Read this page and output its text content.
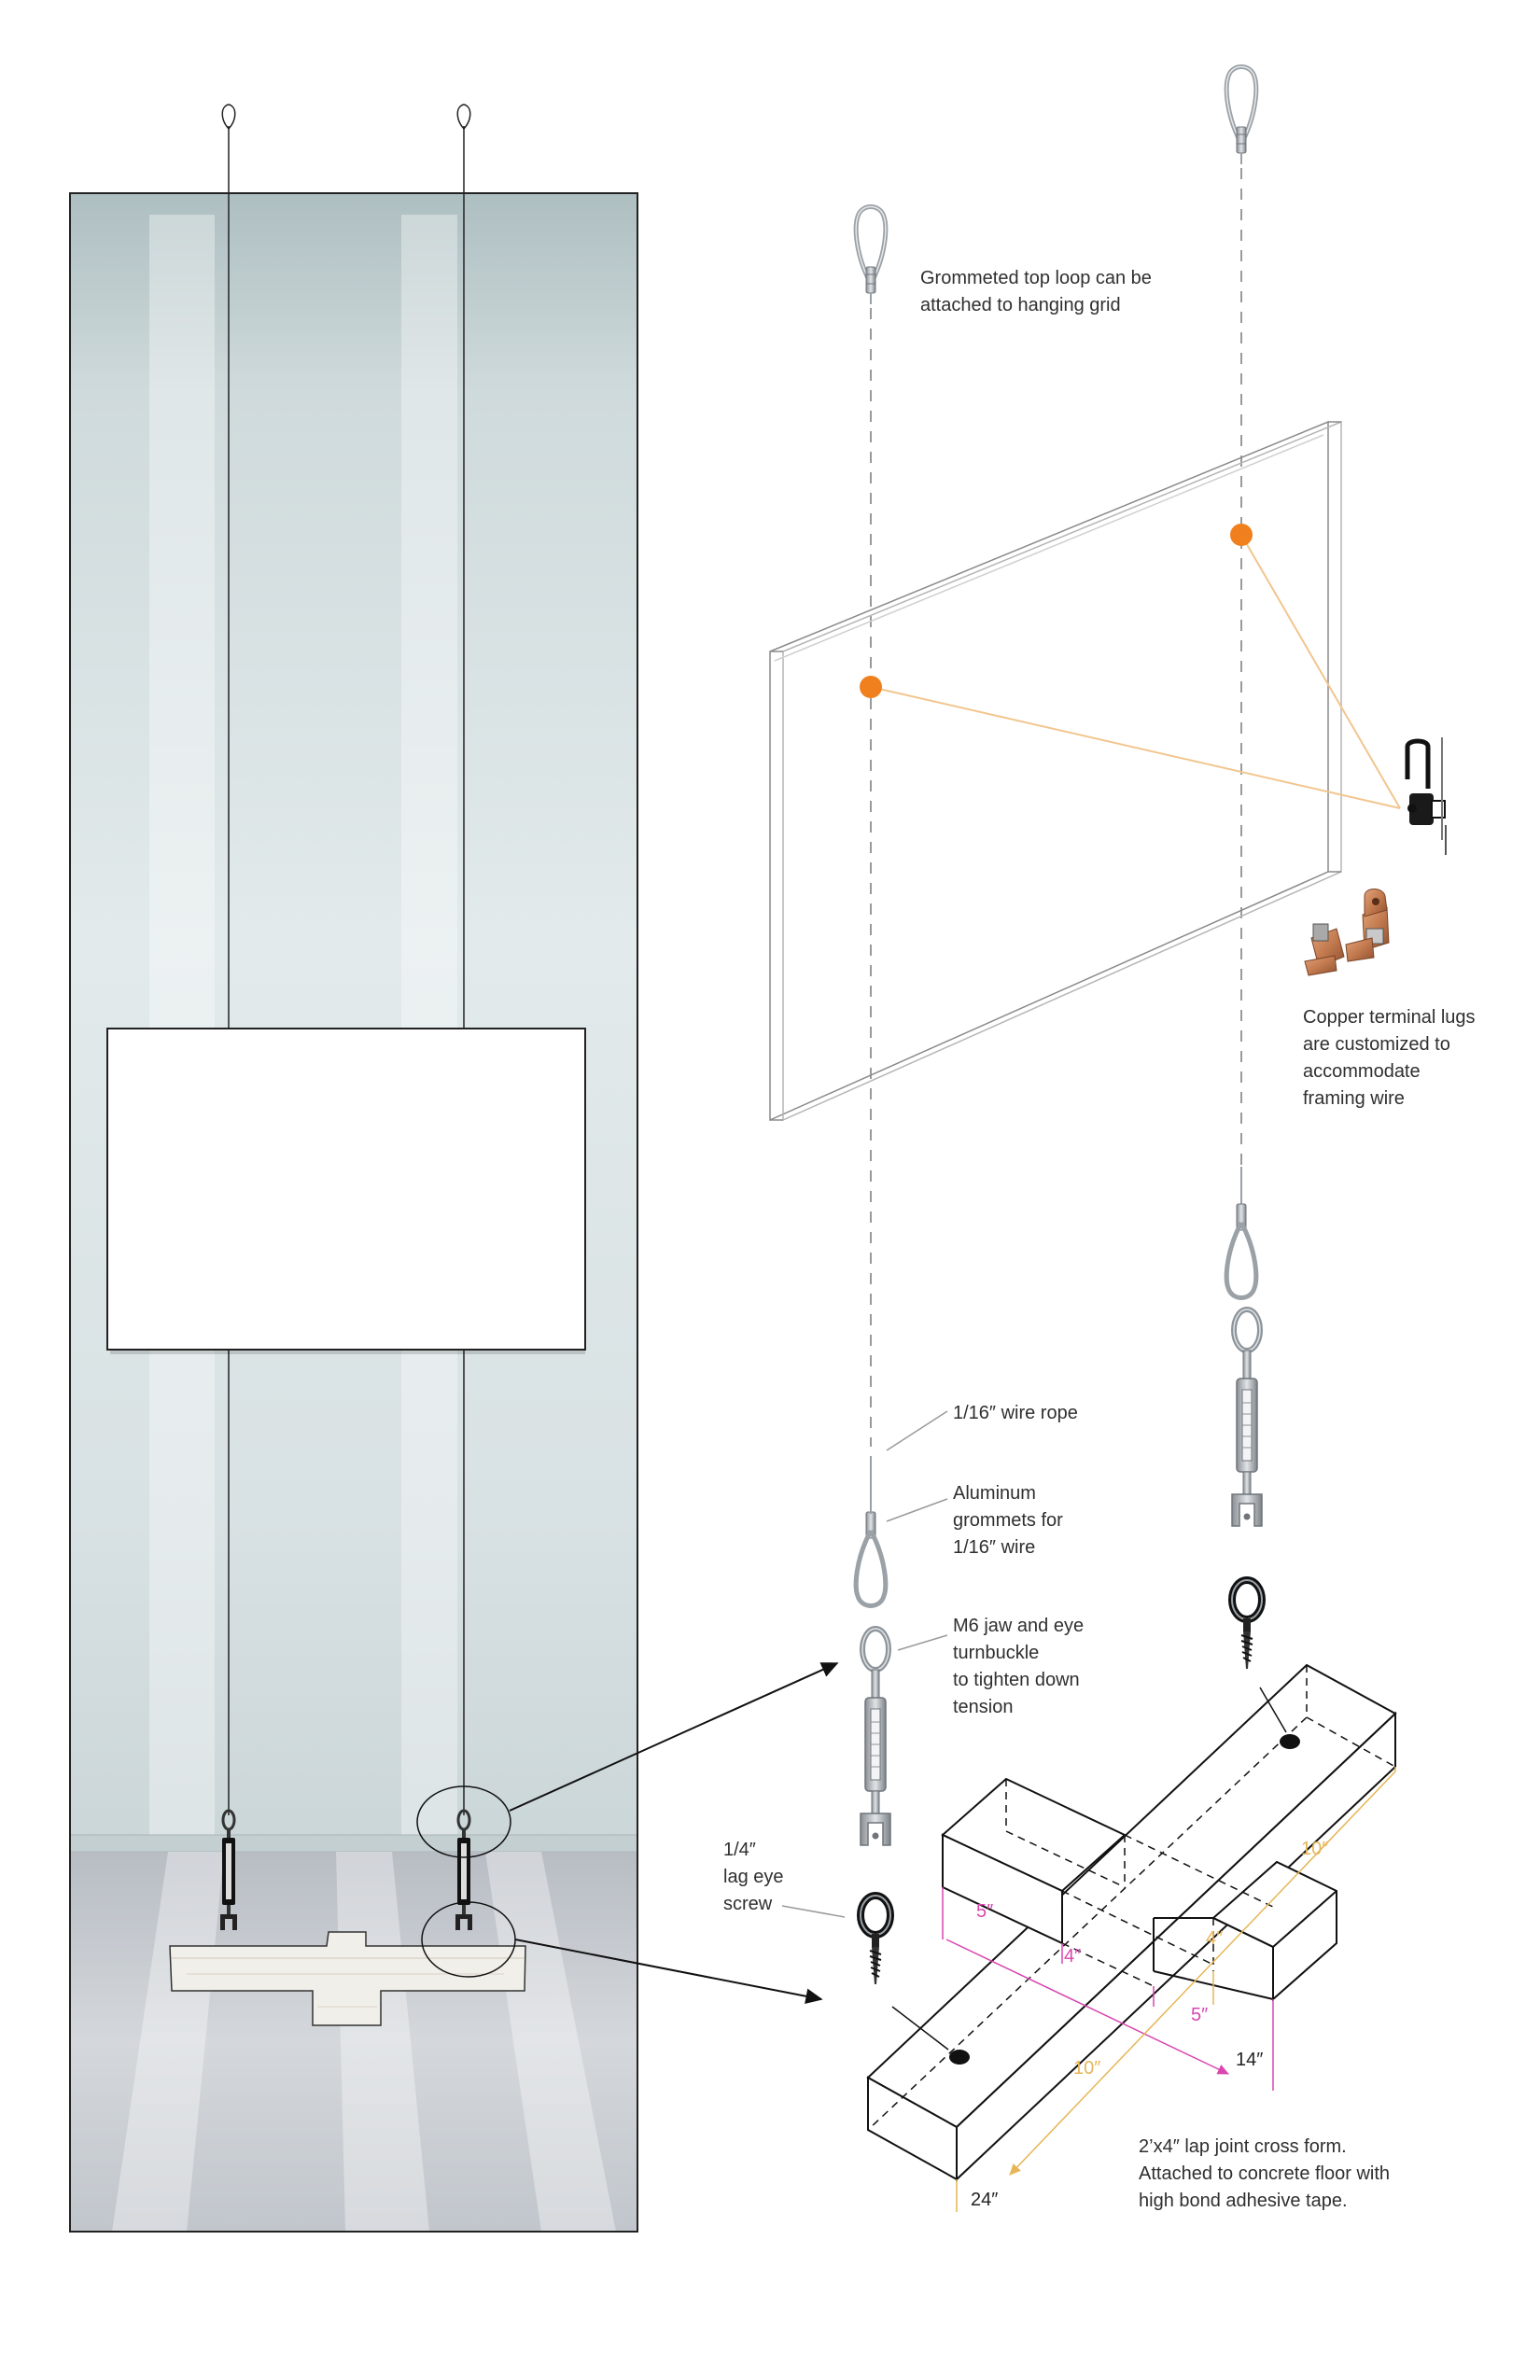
Grommeted top loop can be
attached to hanging grid
Copper terminal lugs
are customized to
accommodate
framing wire
1/16″ wire rope
Aluminum
grommets for
1/16″ wire
M6 jaw and eye
turnbuckle
to tighten down
tension
1/4″
lag eye
screw
2’x4″ lap joint cross form.
Attached to concrete floor with
high bond adhesive tape.
5″
4″
4″
5″
14″
10″
10″
24″
